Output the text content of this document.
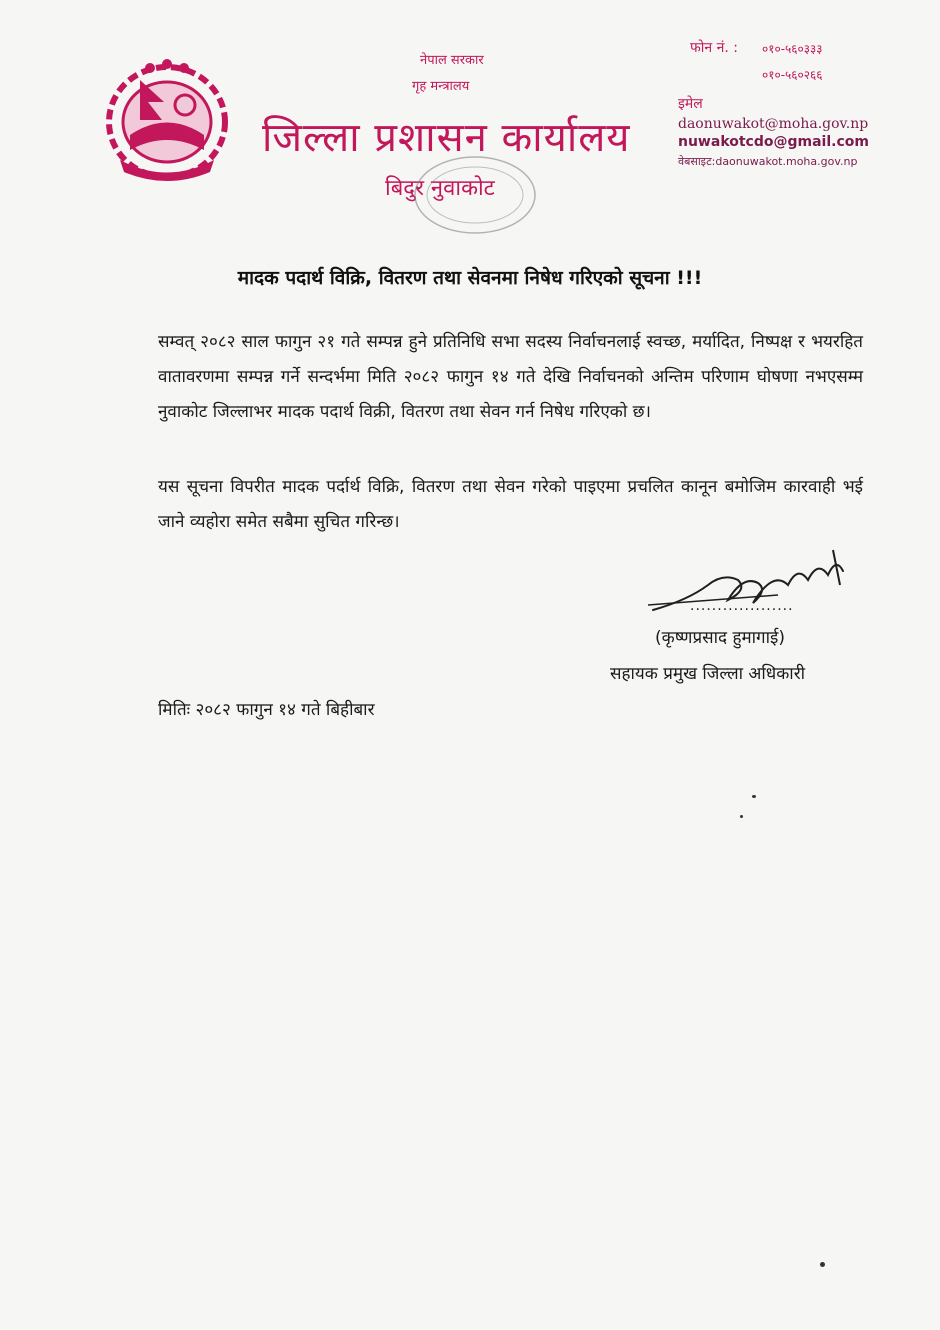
नेपाल सरकार
गृह मन्त्रालय
जिल्ला प्रशासन कार्यालय
बिदुर नुवाकोट
फोन नं. : ०१०-५६०३३३
०१०-५६०२६६
इमेल
daonuwakot@moha.gov.np
nuwakotcdo@gmail.com
वेबसाइट:daonuwakot.moha.gov.np
मादक पदार्थ विक्रि, वितरण तथा सेवनमा निषेध गरिएको सूचना !!!
सम्वत् २०८२ साल फागुन २१ गते सम्पन्न हुने प्रतिनिधि सभा सदस्य निर्वाचनलाई स्वच्छ, मर्यादित, निष्पक्ष र भयरहित वातावरणमा सम्पन्न गर्ने सन्दर्भमा मिति २०८२ फागुन १४ गते देखि निर्वाचनको अन्तिम परिणाम घोषणा नभएसम्म नुवाकोट जिल्लाभर मादक पदार्थ विक्री, वितरण तथा सेवन गर्न निषेध गरिएको छ।
यस सूचना विपरीत मादक पर्दार्थ विक्रि, वितरण तथा सेवन गरेको पाइएमा प्रचलित कानून बमोजिम कारवाही भई जाने व्यहोरा समेत सबैमा सुचित गरिन्छ।
...................
(कृष्णप्रसाद हुमागाई)
सहायक प्रमुख जिल्ला अधिकारी
मितिः २०८२ फागुन १४ गते बिहीबार
